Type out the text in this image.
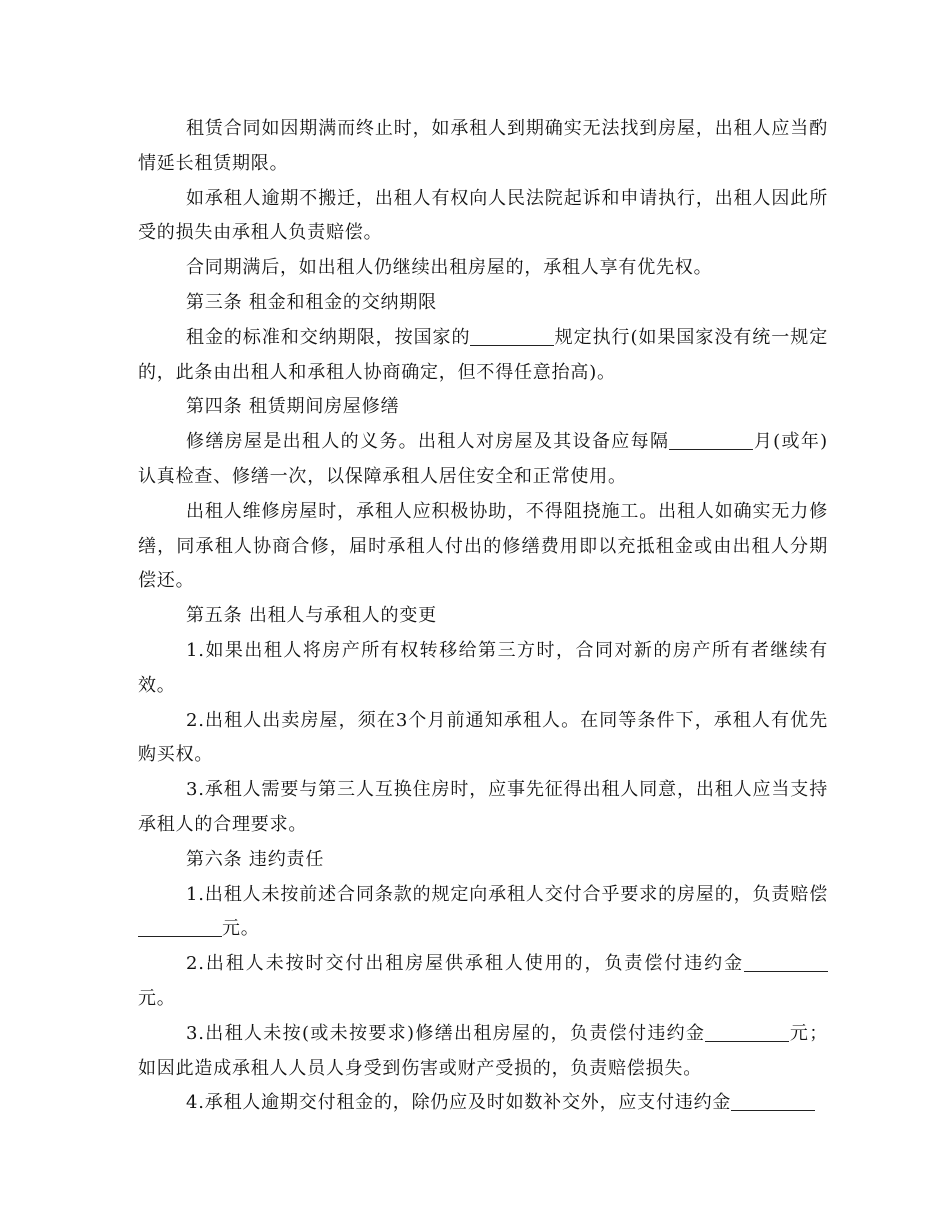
租赁合同如因期满而终止时，如承租人到期确实无法找到房屋，出租人应当酌情延长租赁期限。

如承租人逾期不搬迁，出租人有权向人民法院起诉和申请执行，出租人因此所受的损失由承租人负责赔偿。

合同期满后，如出租人仍继续出租房屋的，承租人享有优先权。

第三条 租金和租金的交纳期限

租金的标准和交纳期限，按国家的	规定执行(如果国家没有统一规定的，此条由出租人和承租人协商确定，但不得任意抬高)。

第四条 租赁期间房屋修缮

修缮房屋是出租人的义务。出租人对房屋及其设备应每隔	月(或年)认真检查、修缮一次，以保障承租人居住安全和正常使用。

出租人维修房屋时，承租人应积极协助，不得阻挠施工。出租人如确实无力修缮，同承租人协商合修，届时承租人付出的修缮费用即以充抵租金或由出租人分期偿还。

第五条 出租人与承租人的变更

1.如果出租人将房产所有权转移给第三方时，合同对新的房产所有者继续有效。

2.出租人出卖房屋，须在3个月前通知承租人。在同等条件下，承租人有优先购买权。

3.承租人需要与第三人互换住房时，应事先征得出租人同意，出租人应当支持承租人的合理要求。

第六条 违约责任

1.出租人未按前述合同条款的规定向承租人交付合乎要求的房屋的，负责赔偿元。

2.出租人未按时交付出租房屋供承租人使用的，负责偿付违约金元。

3.出租人未按(或未按要求)修缮出租房屋的，负责偿付违约金	元；如因此造成承租人人员人身受到伤害或财产受损的，负责赔偿损失。

4.承租人逾期交付租金的，除仍应及时如数补交外，应支付违约金
